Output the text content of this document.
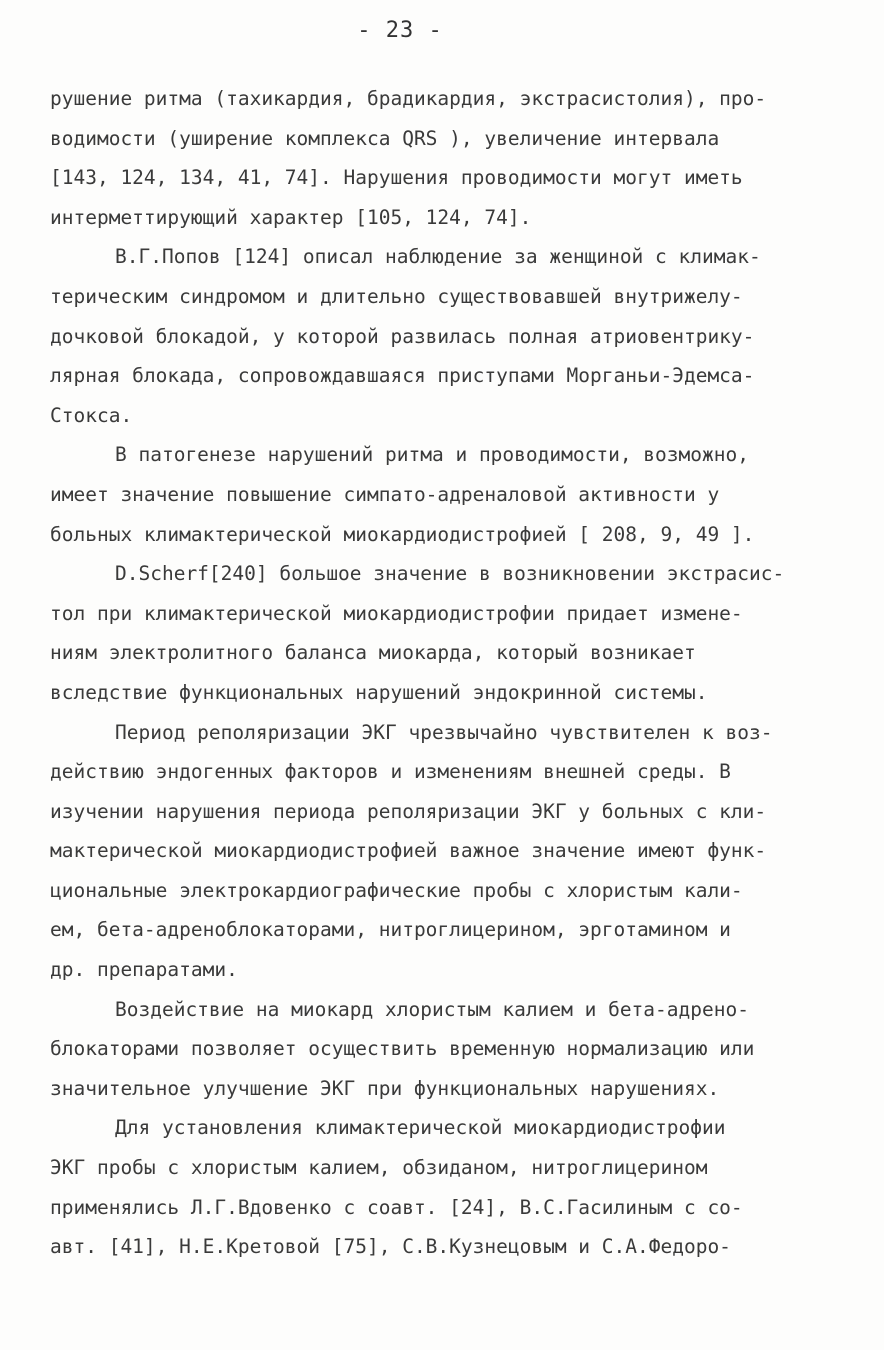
- 23 -
рушение ритма (тахикардия, брадикардия, экстрасистолия), про-
водимости (уширение комплекса QRS ), увеличение интервала
[143, 124, 134, 41, 74]. Нарушения проводимости могут иметь
интерметтирующий характер [105, 124, 74].
В.Г.Попов [124] описал наблюдение за женщиной с климак-
терическим синдромом и длительно существовавшей внутрижелу-
дочковой блокадой, у которой развилась полная атриовентрику-
лярная блокада, сопровождавшаяся приступами Морганьи-Эдемса-
Стокса.
В патогенезе нарушений ритма и проводимости, возможно,
имеет значение повышение симпато-адреналовой активности у
больных климактерической миокардиодистрофией [ 208, 9, 49 ].
D.Scherf[240] большое значение в возникновении экстрасис-
тол при климактерической миокардиодистрофии придает измене-
ниям электролитного баланса миокарда, который возникает
вследствие функциональных нарушений эндокринной системы.
Период реполяризации ЭКГ чрезвычайно чувствителен к воз-
действию эндогенных факторов и изменениям внешней среды. В
изучении нарушения периода реполяризации ЭКГ у больных с кли-
мактерической миокардиодистрофией важное значение имеют функ-
циональные электрокардиографические пробы с хлористым кали-
ем, бета-адреноблокаторами, нитроглицерином, эрготамином и
др. препаратами.
Воздействие на миокард хлористым калием и бета-адрено-
блокаторами позволяет осуществить временную нормализацию или
значительное улучшение ЭКГ при функциональных нарушениях.
Для установления климактерической миокардиодистрофии
ЭКГ пробы с хлористым калием, обзиданом, нитроглицерином
применялись Л.Г.Вдовенко с соавт. [24], В.С.Гасилиным с со-
авт. [41], Н.Е.Кретовой [75], С.В.Кузнецовым и С.А.Федоро-
